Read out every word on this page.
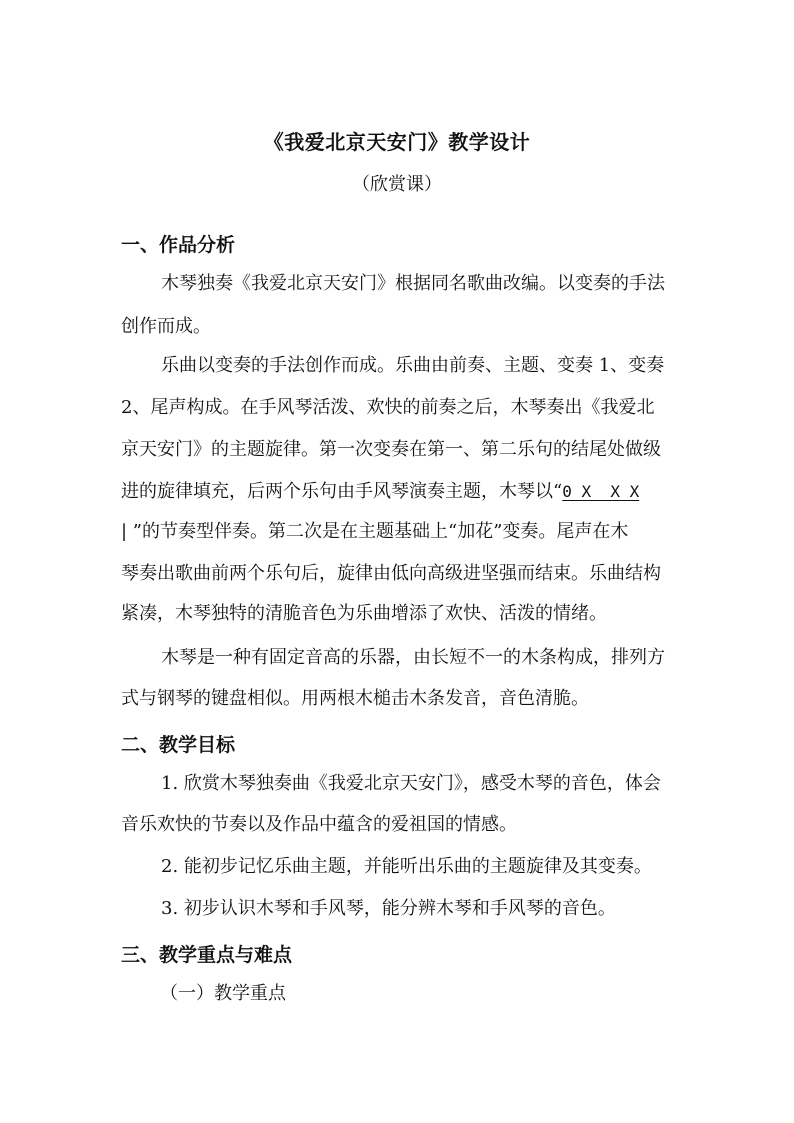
《我爱北京天安门》教学设计
（欣赏课）
一、作品分析
木琴独奏《我爱北京天安门》根据同名歌曲改编。以变奏的手法
创作而成。
乐曲以变奏的手法创作而成。乐曲由前奏、主题、变奏 1、变奏
2、尾声构成。在手风琴活泼、欢快的前奏之后，木琴奏出《我爱北
京天安门》的主题旋律。第一次变奏在第一、第二乐句的结尾处做级
进的旋律填充，后两个乐句由手风琴演奏主题，木琴以“0 X  X X
| ”的节奏型伴奏。第二次是在主题基础上“加花”变奏。尾声在木
琴奏出歌曲前两个乐句后，旋律由低向高级进坚强而结束。乐曲结构
紧凑，木琴独特的清脆音色为乐曲增添了欢快、活泼的情绪。
木琴是一种有固定音高的乐器，由长短不一的木条构成，排列方
式与钢琴的键盘相似。用两根木槌击木条发音，音色清脆。
二、教学目标
1. 欣赏木琴独奏曲《我爱北京天安门》，感受木琴的音色，体会
音乐欢快的节奏以及作品中蕴含的爱祖国的情感。
2. 能初步记忆乐曲主题，并能听出乐曲的主题旋律及其变奏。
3. 初步认识木琴和手风琴，能分辨木琴和手风琴的音色。
三、教学重点与难点
（一）教学重点
